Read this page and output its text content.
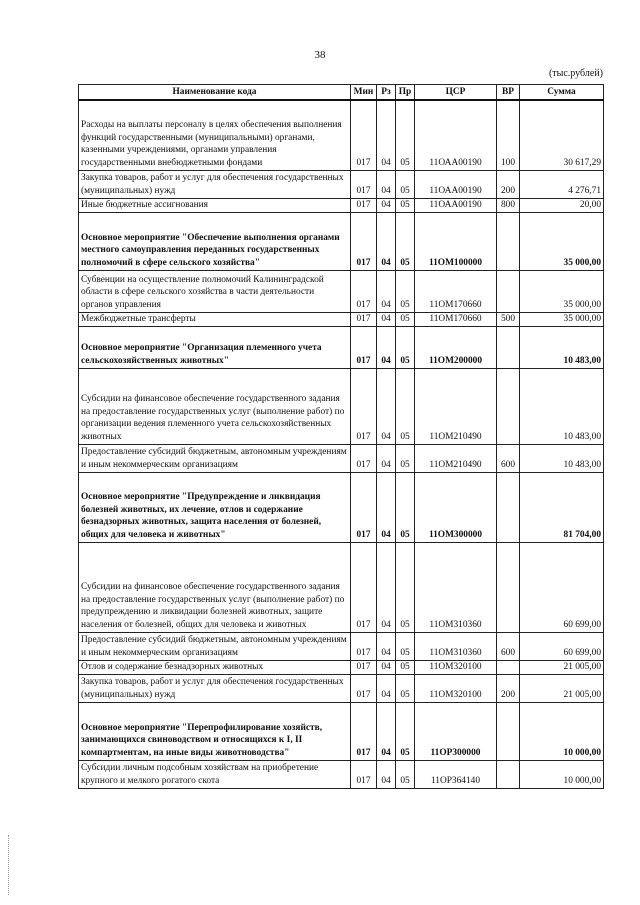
38
(тыс.рублей)
Наименование кода	Мин	Рз	Пр	ЦСР	ВР	Сумма
Расходы на выплаты персоналу в целях обеспечения выполнения функций государственными (муниципальными) органами, казенными учреждениями, органами управления государственными внебюджетными фондами	017	04	05	11ОАА00190	100	30 617,29
Закупка товаров, работ и услуг для обеспечения государственных (муниципальных) нужд	017	04	05	11ОАА00190	200	4 276,71
Иные бюджетные ассигнования	017	04	05	11ОАА00190	800	20,00
Основное мероприятие "Обеспечение выполнения органами местного самоуправления переданных государственных полномочий в сфере сельского хозяйства"	017	04	05	11ОМ100000		35 000,00
Субвенции на осуществление полномочий Калининградской области в сфере сельского хозяйства в части деятельности органов управления	017	04	05	11ОМ170660		35 000,00
Межбюджетные трансферты	017	04	05	11ОМ170660	500	35 000,00
Основное мероприятие "Организация племенного учета сельскохозяйственных животных"	017	04	05	11ОМ200000		10 483,00
Субсидии на финансовое обеспечение государственного задания на предоставление государственных услуг (выполнение работ) по организации ведения племенного учета сельскохозяйственных животных	017	04	05	11ОМ210490		10 483,00
Предоставление субсидий бюджетным, автономным учреждениям и иным некоммерческим организациям	017	04	05	11ОМ210490	600	10 483,00
Основное мероприятие "Предупреждение и ликвидация болезней животных, их лечение, отлов и содержание безнадзорных животных, защита населения от болезней, общих для человека и животных"	017	04	05	11ОМ300000		81 704,00
Субсидии на финансовое обеспечение государственного задания на предоставление государственных услуг (выполнение работ) по предупреждению и ликвидации болезней животных, защите населения от болезней, общих для человека и животных	017	04	05	11ОМ310360		60 699,00
Предоставление субсидий бюджетным, автономным учреждениям и иным некоммерческим организациям	017	04	05	11ОМ310360	600	60 699,00
Отлов и содержание безнадзорных животных	017	04	05	11ОМ320100		21 005,00
Закупка товаров, работ и услуг для обеспечения государственных (муниципальных) нужд	017	04	05	11ОМ320100	200	21 005,00
Основное мероприятие "Перепрофилирование хозяйств, занимающихся свиноводством и относящихся к I, II компартментам, на иные виды животноводства"	017	04	05	11ОР300000		10 000,00
Субсидии личным подсобным хозяйствам на приобретение крупного и мелкого рогатого скота	017	04	05	11ОР364140		10 000,00
